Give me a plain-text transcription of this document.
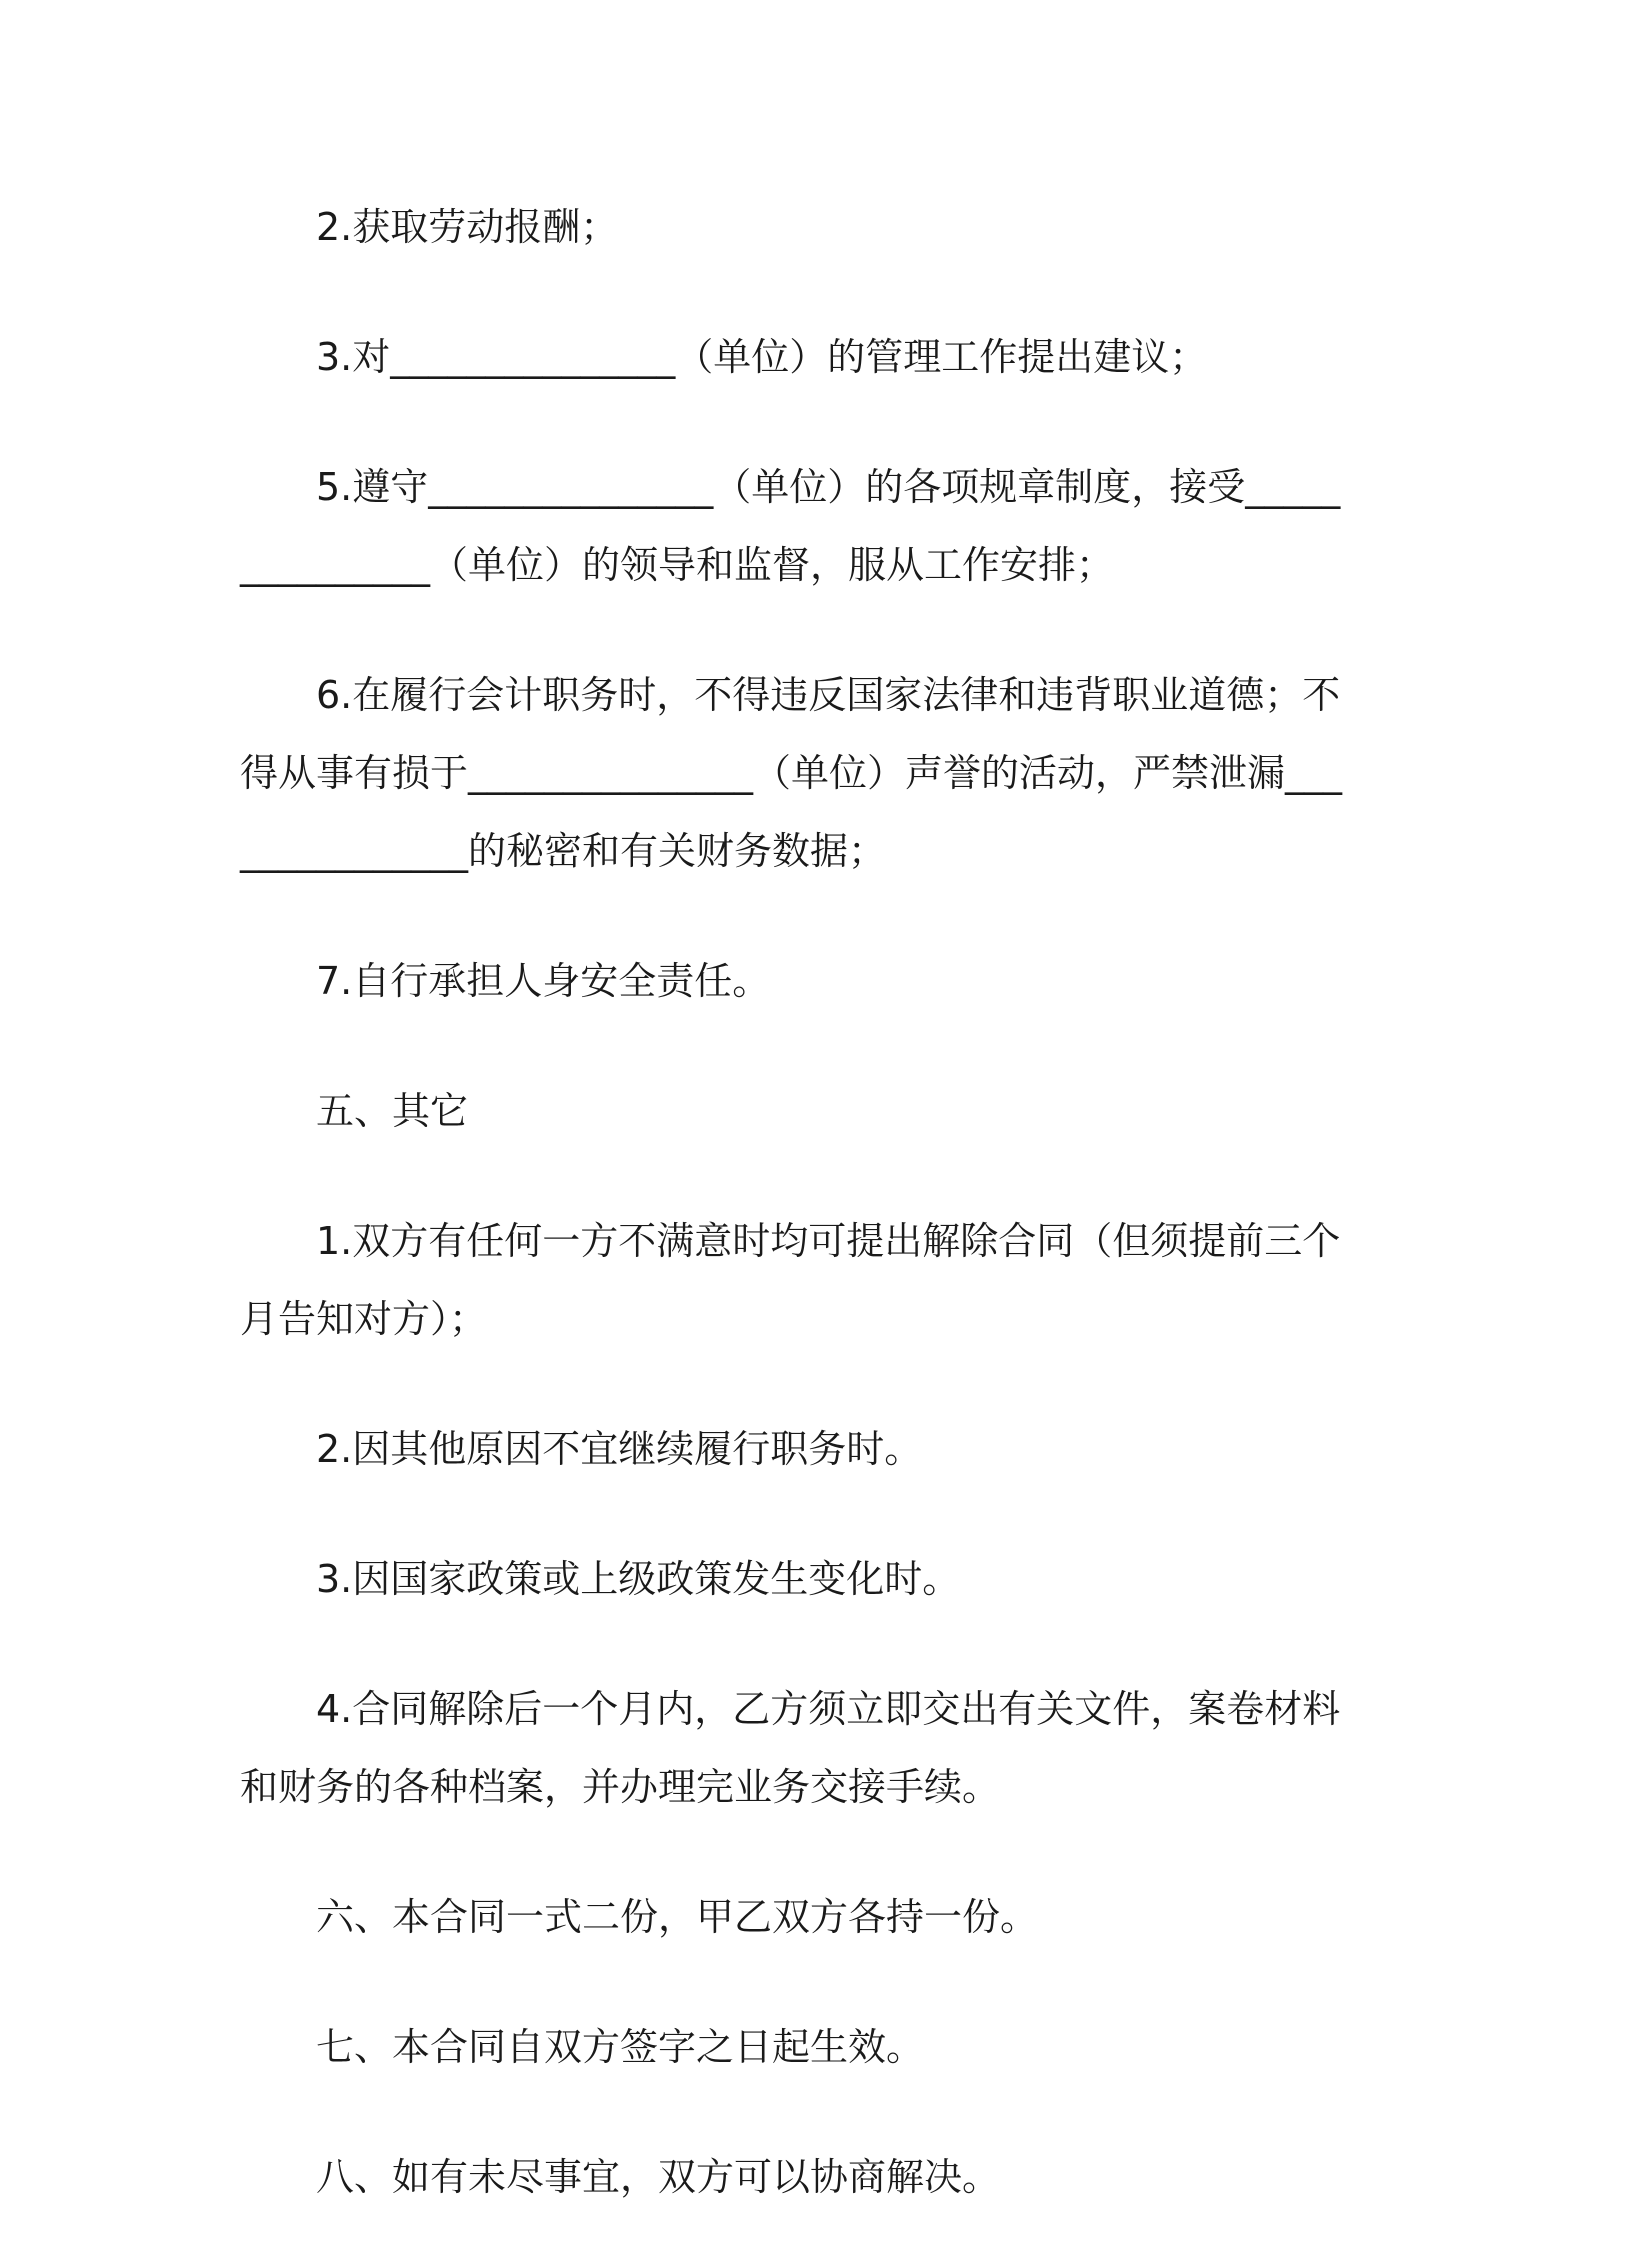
2.获取劳动报酬；

3.对_______________（单位）的管理工作提出建议；

5.遵守_______________（单位）的各项规章制度，接受_______________（单位）的领导和监督，服从工作安排；

6.在履行会计职务时，不得违反国家法律和违背职业道德；不得从事有损于_______________（单位）声誉的活动，严禁泄漏_______________的秘密和有关财务数据；

7.自行承担人身安全责任。

五、其它

1.双方有任何一方不满意时均可提出解除合同（但须提前三个月告知对方）；

2.因其他原因不宜继续履行职务时。

3.因国家政策或上级政策发生变化时。

4.合同解除后一个月内，乙方须立即交出有关文件，案卷材料和财务的各种档案，并办理完业务交接手续。

六、本合同一式二份，甲乙双方各持一份。

七、本合同自双方签字之日起生效。

八、如有未尽事宜，双方可以协商解决。
